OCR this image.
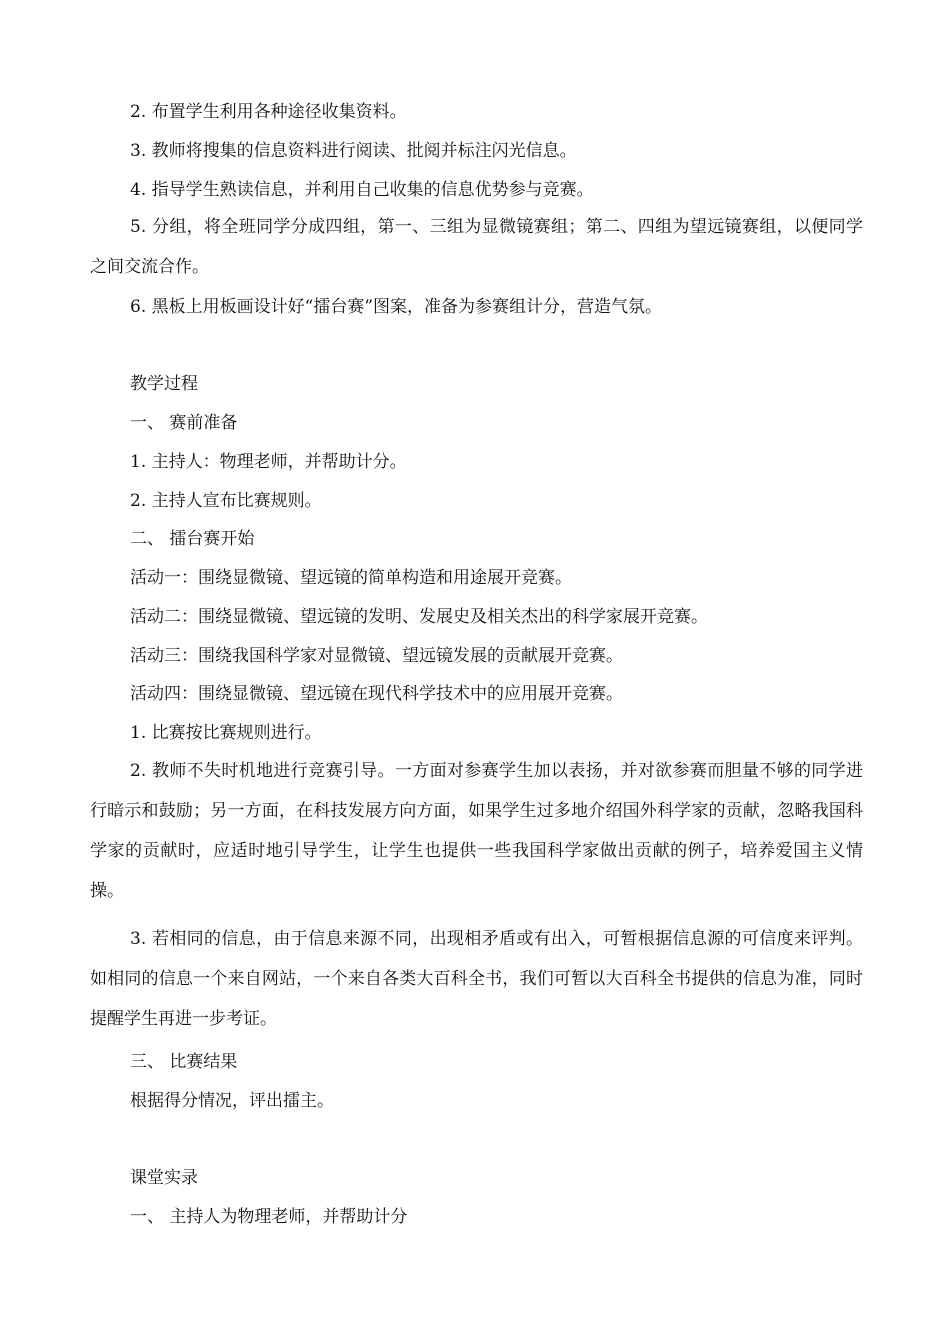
2. 布置学生利用各种途径收集资料。
3. 教师将搜集的信息资料进行阅读、批阅并标注闪光信息。
4. 指导学生熟读信息，并利用自己收集的信息优势参与竞赛。
5. 分组，将全班同学分成四组，第一、三组为显微镜赛组；第二、四组为望远镜赛组，以便同学之间交流合作。
6. 黑板上用板画设计好“擂台赛”图案，准备为参赛组计分，营造气氛。
教学过程
一、 赛前准备
1. 主持人：物理老师，并帮助计分。
2. 主持人宣布比赛规则。
二、 擂台赛开始
活动一：围绕显微镜、望远镜的简单构造和用途展开竞赛。
活动二：围绕显微镜、望远镜的发明、发展史及相关杰出的科学家展开竞赛。
活动三：围绕我国科学家对显微镜、望远镜发展的贡献展开竞赛。
活动四：围绕显微镜、望远镜在现代科学技术中的应用展开竞赛。
1. 比赛按比赛规则进行。
2. 教师不失时机地进行竞赛引导。一方面对参赛学生加以表扬，并对欲参赛而胆量不够的同学进行暗示和鼓励；另一方面，在科技发展方向方面，如果学生过多地介绍国外科学家的贡献，忽略我国科学家的贡献时，应适时地引导学生，让学生也提供一些我国科学家做出贡献的例子，培养爱国主义情操。
3. 若相同的信息，由于信息来源不同，出现相矛盾或有出入，可暂根据信息源的可信度来评判。如相同的信息一个来自网站，一个来自各类大百科全书，我们可暂以大百科全书提供的信息为准，同时提醒学生再进一步考证。
三、 比赛结果
根据得分情况，评出擂主。
课堂实录
一、 主持人为物理老师，并帮助计分
